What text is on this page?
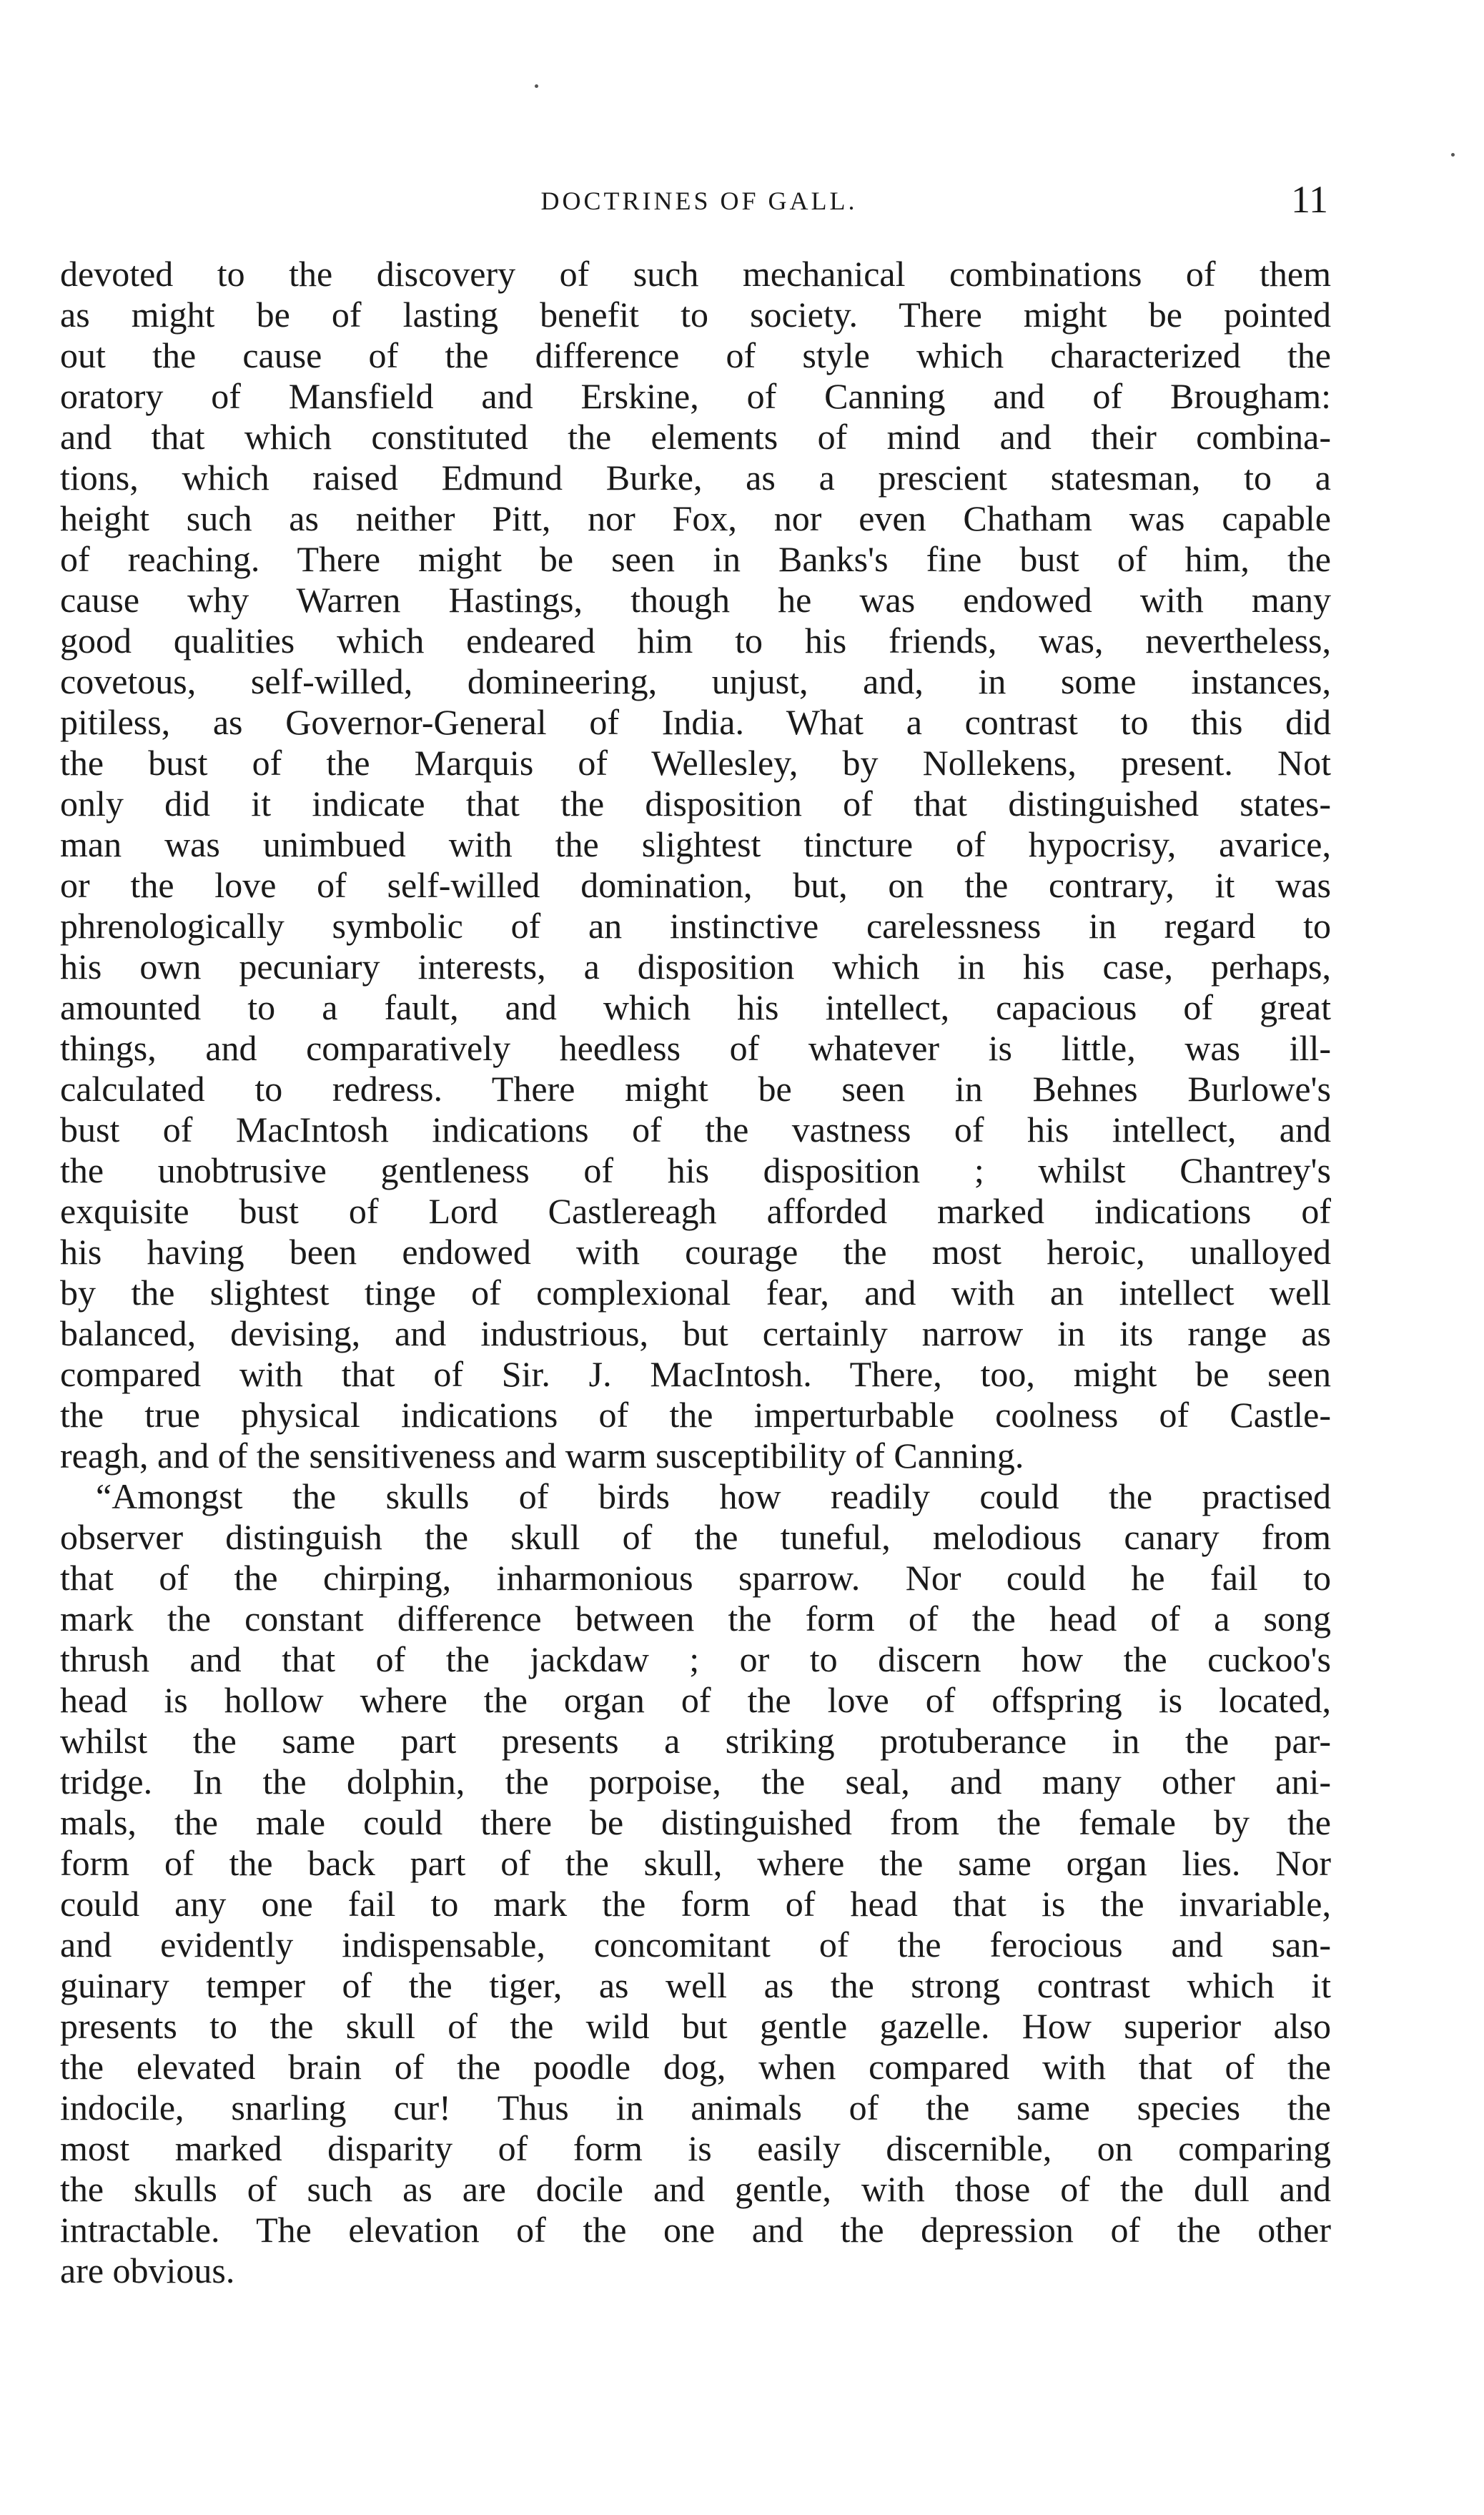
DOCTRINES OF GALL.	11
devoted to the discovery of such mechanical combinations of them
as might be of lasting benefit to society. There might be pointed
out the cause of the difference of style which characterized the
oratory of Mansfield and Erskine, of Canning and of Brougham:
and that which constituted the elements of mind and their combina-
tions, which raised Edmund Burke, as a prescient statesman, to a
height such as neither Pitt, nor Fox, nor even Chatham was capable
of reaching. There might be seen in Banks's fine bust of him, the
cause why Warren Hastings, though he was endowed with many
good qualities which endeared him to his friends, was, nevertheless,
covetous, self-willed, domineering, unjust, and, in some instances,
pitiless, as Governor-General of India. What a contrast to this did
the bust of the Marquis of Wellesley, by Nollekens, present. Not
only did it indicate that the disposition of that distinguished states-
man was unimbued with the slightest tincture of hypocrisy, avarice,
or the love of self-willed domination, but, on the contrary, it was
phrenologically symbolic of an instinctive carelessness in regard to
his own pecuniary interests, a disposition which in his case, perhaps,
amounted to a fault, and which his intellect, capacious of great
things, and comparatively heedless of whatever is little, was ill-
calculated to redress. There might be seen in Behnes Burlowe's
bust of MacIntosh indications of the vastness of his intellect, and
the unobtrusive gentleness of his disposition ; whilst Chantrey's
exquisite bust of Lord Castlereagh afforded marked indications of
his having been endowed with courage the most heroic, unalloyed
by the slightest tinge of complexional fear, and with an intellect well
balanced, devising, and industrious, but certainly narrow in its range as
compared with that of Sir. J. MacIntosh. There, too, might be seen
the true physical indications of the imperturbable coolness of Castle-
reagh, and of the sensitiveness and warm susceptibility of Canning.
“Amongst the skulls of birds how readily could the practised
observer distinguish the skull of the tuneful, melodious canary from
that of the chirping, inharmonious sparrow. Nor could he fail to
mark the constant difference between the form of the head of a song
thrush and that of the jackdaw ; or to discern how the cuckoo's
head is hollow where the organ of the love of offspring is located,
whilst the same part presents a striking protuberance in the par-
tridge. In the dolphin, the porpoise, the seal, and many other ani-
mals, the male could there be distinguished from the female by the
form of the back part of the skull, where the same organ lies. Nor
could any one fail to mark the form of head that is the invariable,
and evidently indispensable, concomitant of the ferocious and san-
guinary temper of the tiger, as well as the strong contrast which it
presents to the skull of the wild but gentle gazelle. How superior also
the elevated brain of the poodle dog, when compared with that of the
indocile, snarling cur! Thus in animals of the same species the
most marked disparity of form is easily discernible, on comparing
the skulls of such as are docile and gentle, with those of the dull and
intractable. The elevation of the one and the depression of the other
are obvious.
